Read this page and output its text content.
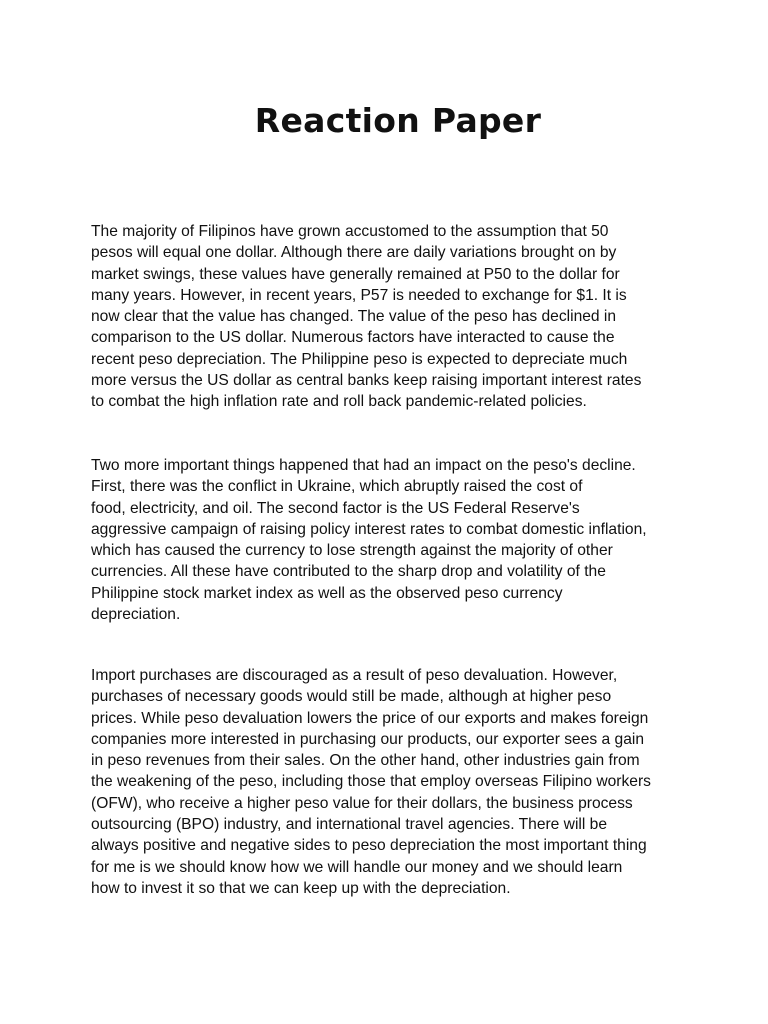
Reaction Paper

The majority of Filipinos have grown accustomed to the assumption that 50
pesos will equal one dollar. Although there are daily variations brought on by
market swings, these values have generally remained at P50 to the dollar for
many years. However, in recent years, P57 is needed to exchange for $1. It is
now clear that the value has changed. The value of the peso has declined in
comparison to the US dollar. Numerous factors have interacted to cause the
recent peso depreciation. The Philippine peso is expected to depreciate much
more versus the US dollar as central banks keep raising important interest rates
to combat the high inflation rate and roll back pandemic-related policies.

Two more important things happened that had an impact on the peso's decline.
First, there was the conflict in Ukraine, which abruptly raised the cost of
food, electricity, and oil. The second factor is the US Federal Reserve's
aggressive campaign of raising policy interest rates to combat domestic inflation,
which has caused the currency to lose strength against the majority of other
currencies. All these have contributed to the sharp drop and volatility of the
Philippine stock market index as well as the observed peso currency
depreciation.

Import purchases are discouraged as a result of peso devaluation. However,
purchases of necessary goods would still be made, although at higher peso
prices. While peso devaluation lowers the price of our exports and makes foreign
companies more interested in purchasing our products, our exporter sees a gain
in peso revenues from their sales. On the other hand, other industries gain from
the weakening of the peso, including those that employ overseas Filipino workers
(OFW), who receive a higher peso value for their dollars, the business process
outsourcing (BPO) industry, and international travel agencies. There will be
always positive and negative sides to peso depreciation the most important thing
for me is we should know how we will handle our money and we should learn
how to invest it so that we can keep up with the depreciation.
